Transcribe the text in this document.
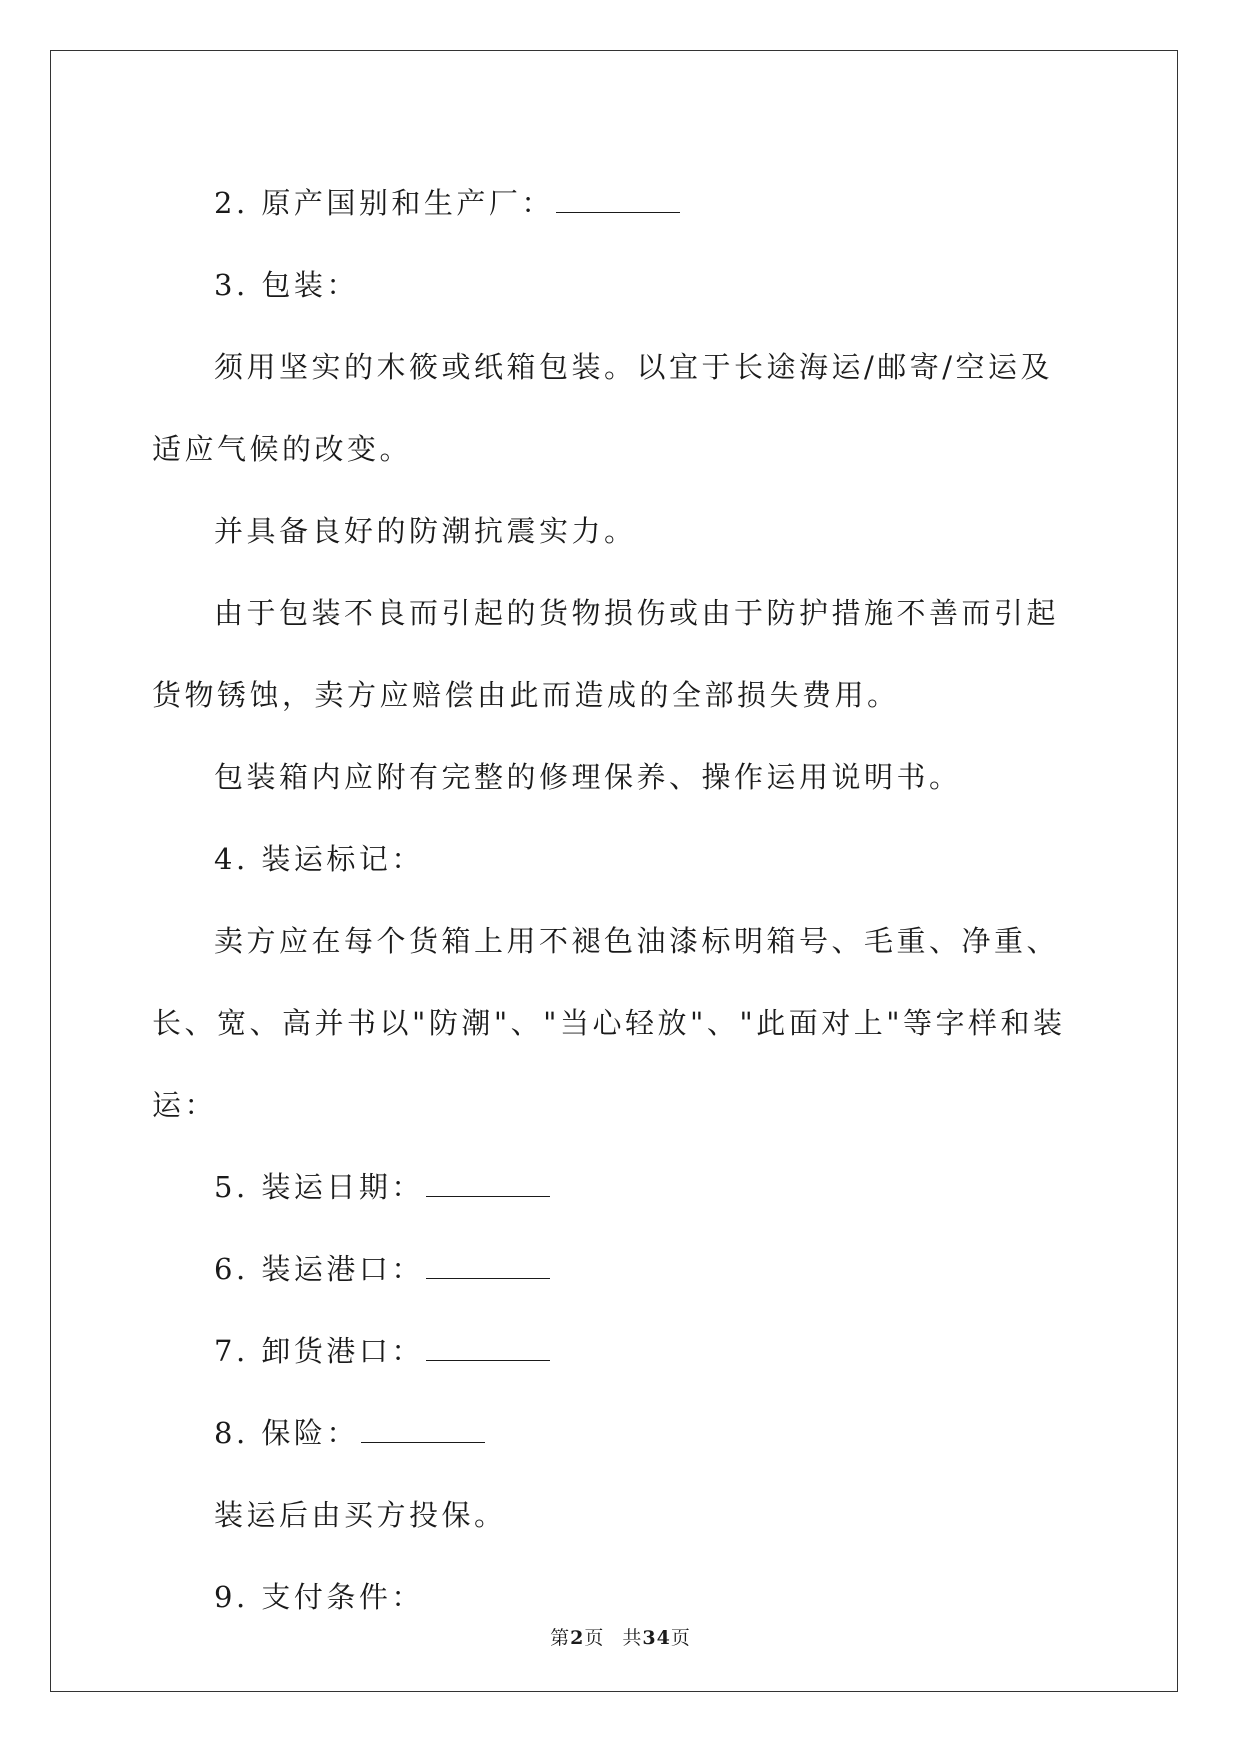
2. 原产国别和生产厂：

3. 包装：

须用坚实的木筱或纸箱包装。以宜于长途海运/邮寄/空运及适应气候的改变。

并具备良好的防潮抗震实力。

由于包装不良而引起的货物损伤或由于防护措施不善而引起货物锈蚀，卖方应赔偿由此而造成的全部损失费用。

包装箱内应附有完整的修理保养、操作运用说明书。

4. 装运标记：

卖方应在每个货箱上用不褪色油漆标明箱号、毛重、净重、长、宽、高并书以"防潮"、"当心轻放"、"此面对上"等字样和装运：

5. 装运日期：

6. 装运港口：

7. 卸货港口：

8. 保险：

装运后由买方投保。

9. 支付条件：

第2页 共34页
